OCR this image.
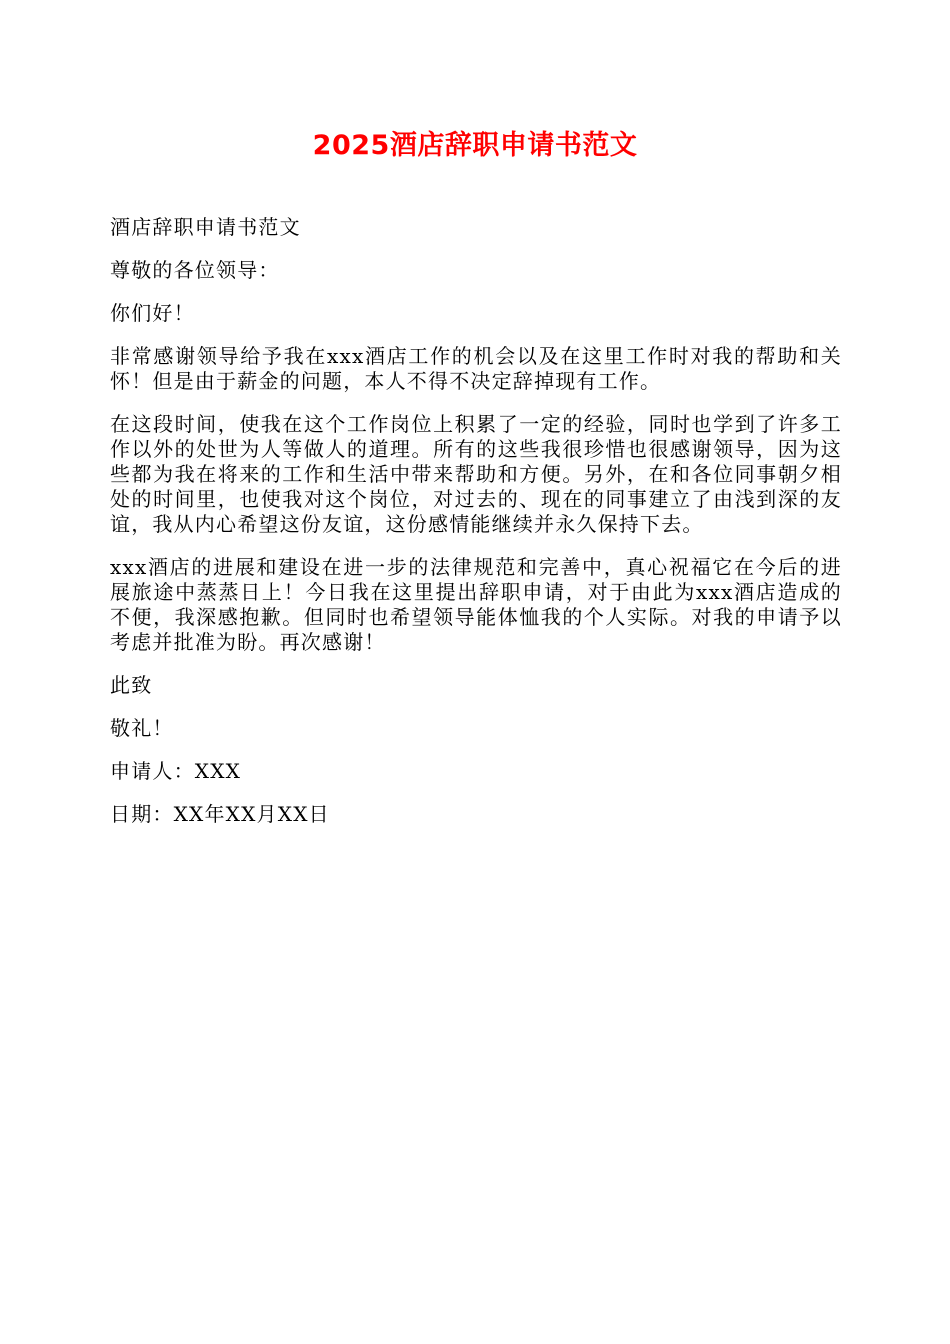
2025酒店辞职申请书范文

酒店辞职申请书范文

尊敬的各位领导：

你们好！

非常感谢领导给予我在xxx酒店工作的机会以及在这里工作时对我的帮助和关怀！但是由于薪金的问题，本人不得不决定辞掉现有工作。

在这段时间，使我在这个工作岗位上积累了一定的经验，同时也学到了许多工作以外的处世为人等做人的道理。所有的这些我很珍惜也很感谢领导，因为这些都为我在将来的工作和生活中带来帮助和方便。另外，在和各位同事朝夕相处的时间里，也使我对这个岗位，对过去的、现在的同事建立了由浅到深的友谊，我从内心希望这份友谊，这份感情能继续并永久保持下去。

xxx酒店的进展和建设在进一步的法律规范和完善中，真心祝福它在今后的进展旅途中蒸蒸日上！今日我在这里提出辞职申请，对于由此为xxx酒店造成的不便，我深感抱歉。但同时也希望领导能体恤我的个人实际。对我的申请予以考虑并批准为盼。再次感谢！

此致

敬礼！

申请人：XXX

日期：XX年XX月XX日
